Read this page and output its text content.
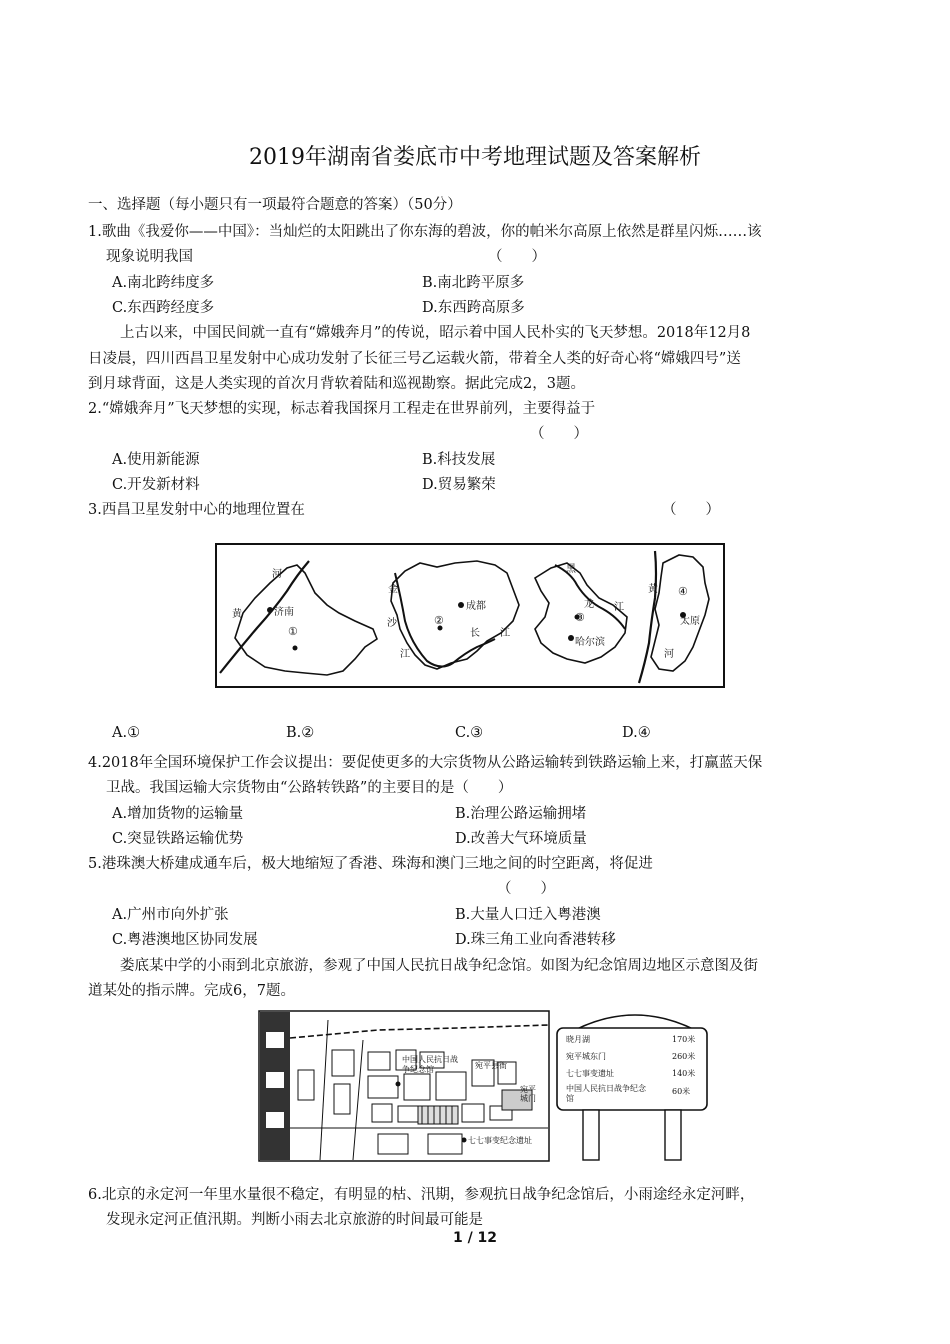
2019年湖南省娄底市中考地理试题及答案解析
一、选择题（每小题只有一项最符合题意的答案）（50分）
1.歌曲《我爱你——中国》：当灿烂的太阳跳出了你东海的碧波，你的帕米尔高原上依然是群星闪烁……该
现象说明我国	（　　）
A.南北跨纬度多	B.南北跨平原多
C.东西跨经度多	D.东西跨高原多
上古以来，中国民间就一直有“嫦娥奔月”的传说，昭示着中国人民朴实的飞天梦想。2018年12月8
日凌晨，四川西昌卫星发射中心成功发射了长征三号乙运载火箭，带着全人类的好奇心将“嫦娥四号”送
到月球背面，这是人类实现的首次月背软着陆和巡视勘察。据此完成2，3题。
2.“嫦娥奔月”飞天梦想的实现，标志着我国探月工程走在世界前列，主要得益于
（　　）
A.使用新能源	B.科技发展
C.开发新材料	D.贸易繁荣
3.西昌卫星发射中心的地理位置在	（　　）
河
黄	济南
①
金
沙
江
②
成都
长 江
黑
龙 江
③
哈尔滨
黄
河
④
太原
A.①	B.②	C.③	D.④
4.2018年全国环境保护工作会议提出：要促使更多的大宗货物从公路运输转到铁路运输上来，打赢蓝天保
卫战。我国运输大宗货物由“公路转铁路”的主要目的是（　　）
A.增加货物的运输量	B.治理公路运输拥堵
C.突显铁路运输优势	D.改善大气环境质量
5.港珠澳大桥建成通车后，极大地缩短了香港、珠海和澳门三地之间的时空距离，将促进
（　　）
A.广州市向外扩张	B.大量人口迁入粤港澳
C.粤港澳地区协同发展	D.珠三角工业向香港转移
娄底某中学的小雨到北京旅游，参观了中国人民抗日战争纪念馆。如图为纪念馆周边地区示意图及街
道某处的指示牌。完成6，7题。
永
定
河
中国人民抗日战争纪念馆	宛平县衙
宛平城门
七七事变纪念遗址
晓月湖	170米
宛平城东门	260米
七七事变遗址	140米
中国人民抗日战争纪念馆
60米
6.北京的永定河一年里水量很不稳定，有明显的枯、汛期，参观抗日战争纪念馆后，小雨途经永定河畔，
发现永定河正值汛期。判断小雨去北京旅游的时间最可能是
1 / 12
